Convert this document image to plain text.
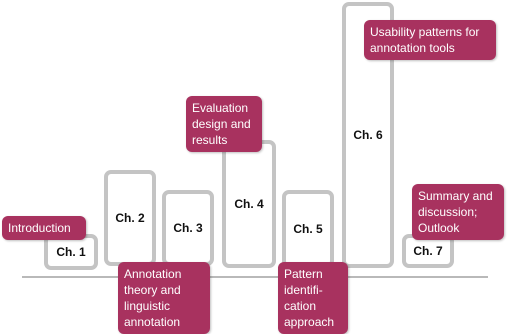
Ch. 1
Ch. 2
Ch. 3
Ch. 4
Ch. 5
Ch. 6
Ch. 7
Introduction
Annotation theory and linguistic annotation
Evaluation design and results
Pattern identifi-cation approach
Usability patterns for annotation tools
Summary and discussion; Outlook
